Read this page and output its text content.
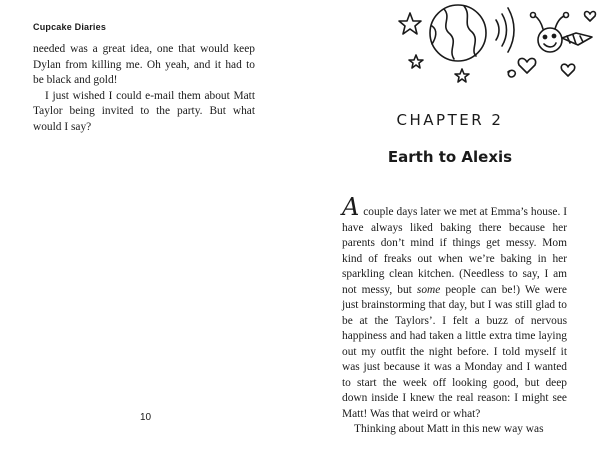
Cupcake Diaries

needed was a great idea, one that would keep Dylan from killing me. Oh yeah, and it had to be black and gold!

I just wished I could e-mail them about Matt Taylor being invited to the party. But what would I say?

10
CHAPTER 2
Earth to Alexis

A couple days later we met at Emma’s house. I have always liked baking there because her parents don’t mind if things get messy. Mom kind of freaks out when we’re baking in her sparkling clean kitchen. (Needless to say, I am not messy, but some people can be!) We were just brainstorming that day, but I was still glad to be at the Taylors’. I felt a buzz of nervous happiness and had taken a little extra time laying out my outfit the night before. I told myself it was just because it was a Monday and I wanted to start the week off looking good, but deep down inside I knew the real reason: I might see Matt! Was that weird or what?

Thinking about Matt in this new way was
